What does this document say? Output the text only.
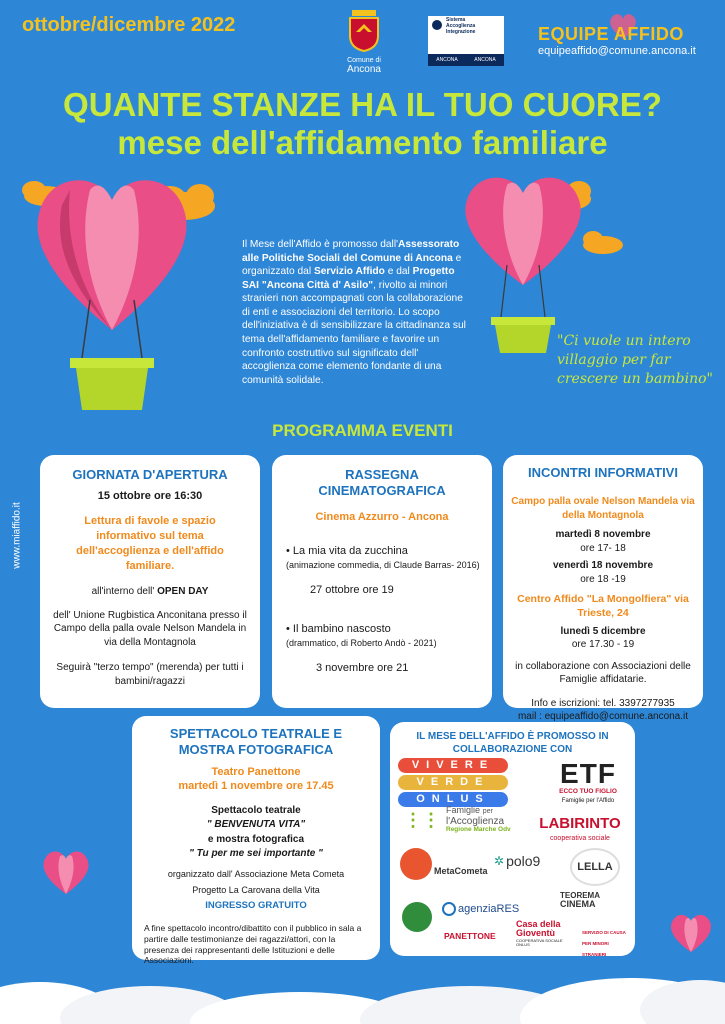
ottobre/dicembre 2022
Comune di
Ancona
Sistema
Accoglienza
Integrazione
ANCONA	ANCONA
EQUIPE AFFIDO
equipeaffido@comune.ancona.it
QUANTE STANZE HA IL TUO CUORE?
mese dell'affidamento familiare
Il Mese dell'Affido è promosso dall'Assessorato alle Politiche Sociali del Comune di Ancona e organizzato dal Servizio Affido e dal Progetto SAI "Ancona Città d' Asilo", rivolto ai minori stranieri non accompagnati con la collaborazione di enti e associazioni del territorio. Lo scopo dell'iniziativa è di sensibilizzare la cittadinanza sul tema dell'affidamento familiare e favorire un confronto costruttivo sul significato dell' accoglienza come elemento fondante di una comunità solidale.
"Ci vuole un intero villaggio per far crescere un bambino"
www.miaffido.it
PROGRAMMA EVENTI
GIORNATA D'APERTURA
15 ottobre ore 16:30
Lettura di favole e spazio informativo sul tema dell'accoglienza e dell'affido familiare.

all'interno dell' OPEN DAY

dell' Unione Rugbistica Anconitana presso il Campo della palla ovale Nelson Mandela in via della Montagnola

Seguirà "terzo tempo" (merenda) per tutti i bambini/ragazzi

RASSEGNA CINEMATOGRAFICA
Cinema Azzurro - Ancona
• La mia vita da zucchina
(animazione commedia, di Claude Barras- 2016)
27 ottobre ore 19
• Il bambino nascosto
(drammatico, di Roberto Andò - 2021)
3 novembre ore 21
INCONTRI INFORMATIVI
Campo palla ovale Nelson Mandela via della Montagnola
martedì 8 novembre
ore 17- 18
venerdì 18 novembre
ore 18 -19
Centro Affido "La Mongolfiera" via Trieste, 24
lunedì 5 dicembre
ore 17.30 - 19
in collaborazione con Associazioni delle Famiglie affidatarie.
Info e iscrizioni: tel. 3397277935
mail : equipeaffido@comune.ancona.it
SPETTACOLO TEATRALE E MOSTRA FOTOGRAFICA
Teatro Panettone
martedì 1 novembre ore 17.45
Spettacolo teatrale
" BENVENUTA VITA"
e mostra fotografica
" Tu per me sei importante "
organizzato dall' Associazione Meta Cometa
Progetto La Carovana della Vita
INGRESSO GRATUITO
A fine spettacolo incontro/dibattito con il pubblico in sala a partire dalle testimonianze dei ragazzi/attori, con la presenza dei rappresentanti delle Istituzioni e delle Associazioni.
IL MESE DELL'AFFIDO È PROMOSSO IN COLLABORAZIONE CON
VIVERE
VERDE
ONLUS
ETF
ECCO TUO FIGLIO
Famiglie per l'Affido
⋮⋮ Famiglie per
l'Accoglienza
Regione Marche Odv	LABIRINTO
cooperativa sociale
MetaCometa
✲ polo9	LELLA
TEOREMA
CINEMA
agenziaRES
PANETTONE
Casa della Gioventù
COOPERATIVA SOCIALE ONLUS
SERVIZIO DI CAUSA PER MINORI STRANIERI
